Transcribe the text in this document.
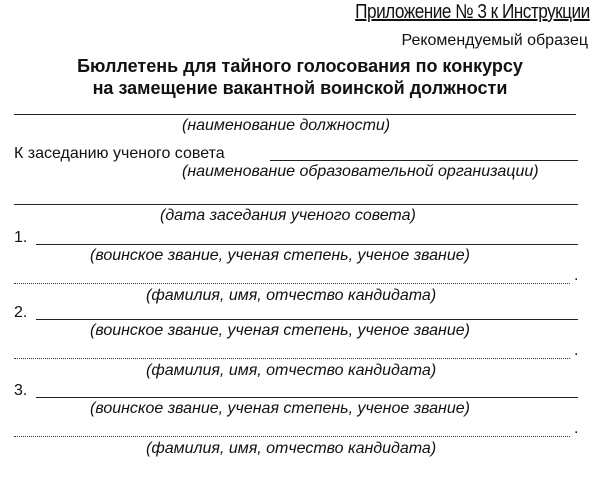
Приложение № 3 к Инструкции
Рекомендуемый образец
Бюллетень для тайного голосования по конкурсу
на замещение вакантной воинской должности
(наименование должности)
К заседанию ученого совета
(наименование образовательной организации)
(дата заседания ученого совета)
1.
(воинское звание, ученая степень, ученое звание)
.
(фамилия, имя, отчество кандидата)
2.
(воинское звание, ученая степень, ученое звание)
.
(фамилия, имя, отчество кандидата)
3.
(воинское звание, ученая степень, ученое звание)
.
(фамилия, имя, отчество кандидата)
